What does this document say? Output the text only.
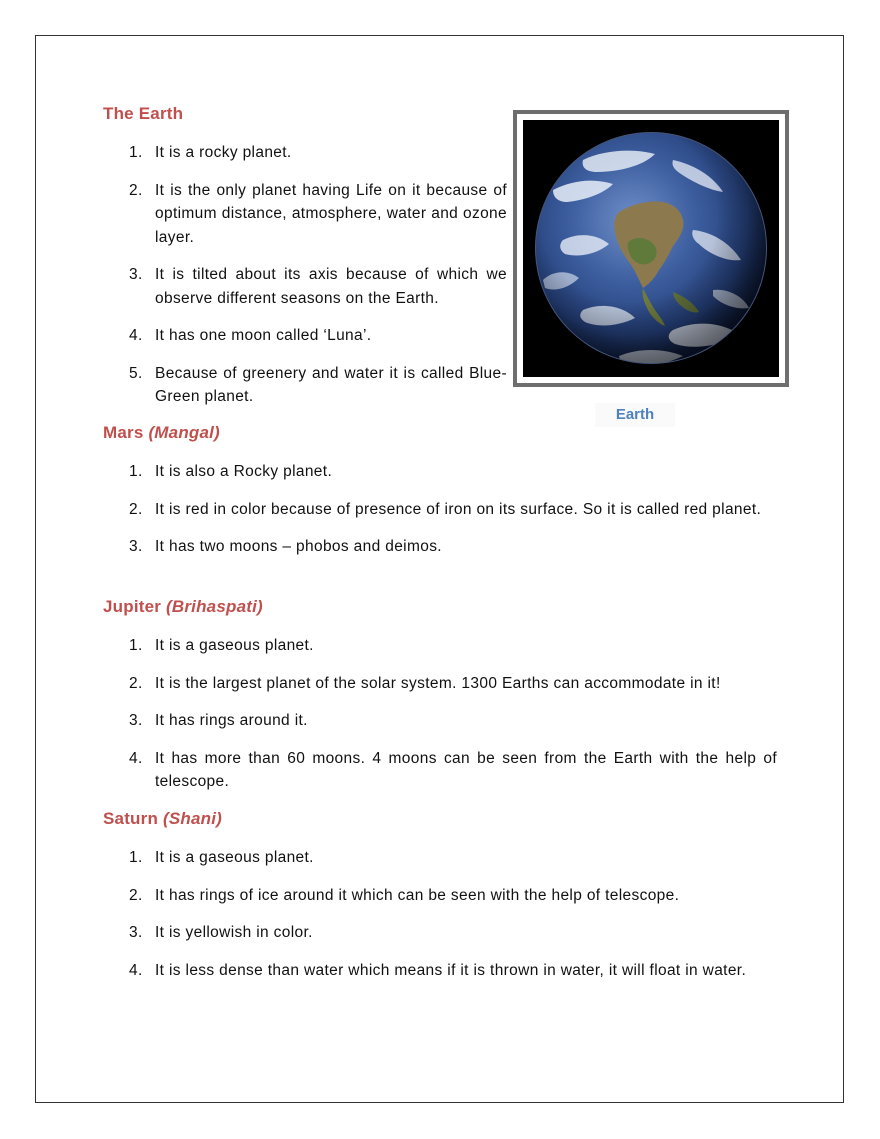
The Earth
1. It is a rocky planet.
2. It is the only planet having Life on it because of optimum distance, atmosphere, water and ozone layer.
3. It is tilted about its axis because of which we observe different seasons on the Earth.
4. It has one moon called ‘Luna’.
5. Because of greenery and water it is called Blue-Green planet.
Mars (Mangal)
1. It is also a Rocky planet.
2. It is red in color because of presence of iron on its surface. So it is called red planet.
3. It has two moons – phobos and deimos.
Jupiter (Brihaspati)
1. It is a gaseous planet.
2. It is the largest planet of the solar system. 1300 Earths can accommodate in it!
3. It has rings around it.
4. It has more than 60 moons. 4 moons can be seen from the Earth with the help of telescope.
Saturn (Shani)
1. It is a gaseous planet.
2. It has rings of ice around it which can be seen with the help of telescope.
3. It is yellowish in color.
4. It is less dense than water which means if it is thrown in water, it will float in water.
Earth
